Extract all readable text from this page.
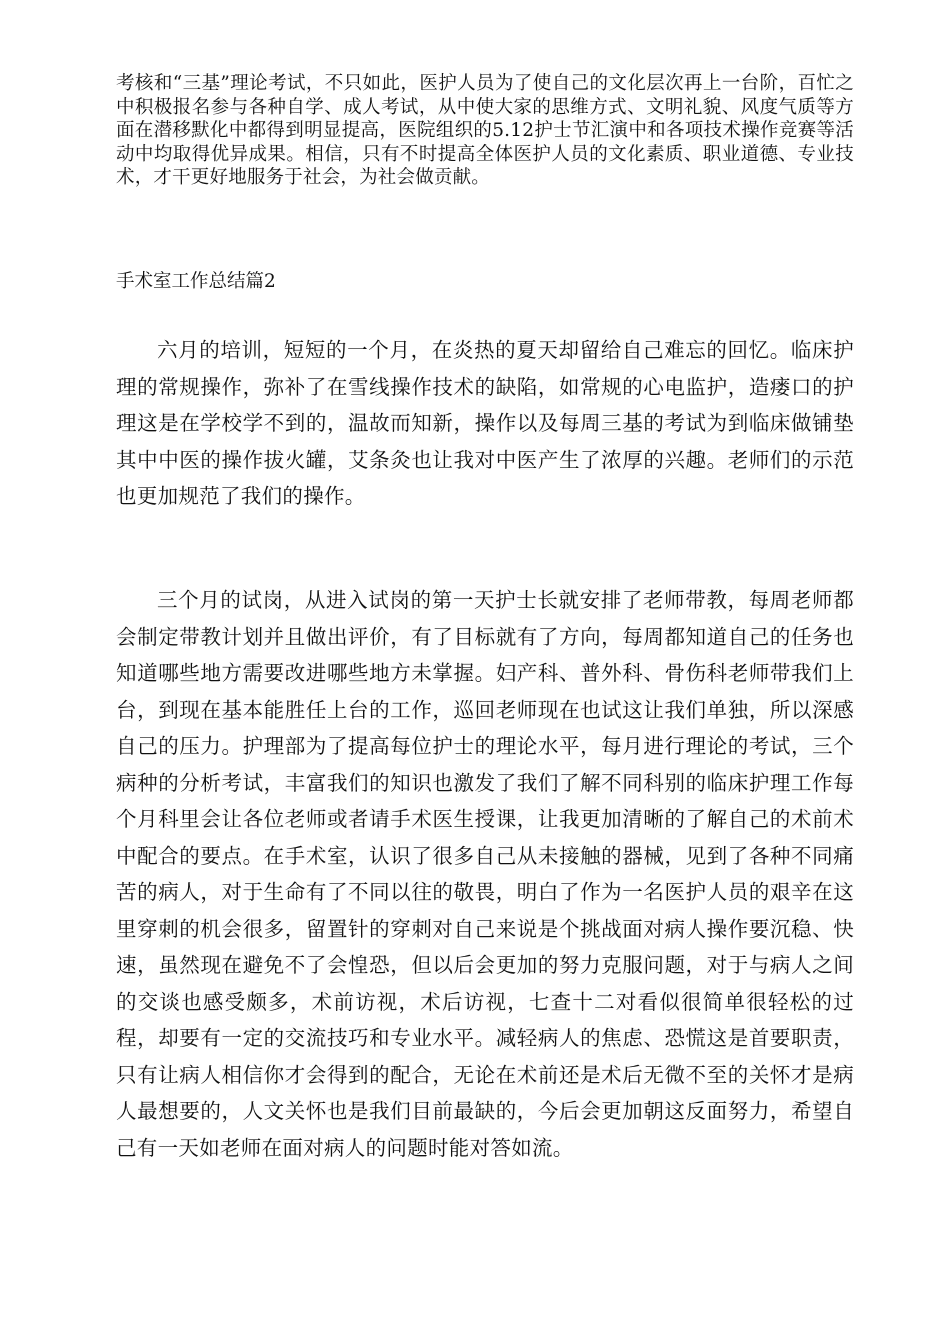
考核和“三基”理论考试，不只如此，医护人员为了使自己的文化层次再上一台阶，百忙之中积极报名参与各种自学、成人考试，从中使大家的思维方式、文明礼貌、风度气质等方面在潜移默化中都得到明显提高，医院组织的5.12护士节汇演中和各项技术操作竞赛等活动中均取得优异成果。相信，只有不时提高全体医护人员的文化素质、职业道德、专业技术，才干更好地服务于社会，为社会做贡献。

手术室工作总结篇2

六月的培训，短短的一个月，在炎热的夏天却留给自己难忘的回忆。临床护理的常规操作，弥补了在雪线操作技术的缺陷，如常规的心电监护，造瘘口的护理这是在学校学不到的，温故而知新，操作以及每周三基的考试为到临床做铺垫其中中医的操作拔火罐，艾条灸也让我对中医产生了浓厚的兴趣。老师们的示范也更加规范了我们的操作。

三个月的试岗，从进入试岗的第一天护士长就安排了老师带教，每周老师都会制定带教计划并且做出评价，有了目标就有了方向，每周都知道自己的任务也知道哪些地方需要改进哪些地方未掌握。妇产科、普外科、骨伤科老师带我们上台，到现在基本能胜任上台的工作，巡回老师现在也试这让我们单独，所以深感自己的压力。护理部为了提高每位护士的理论水平，每月进行理论的考试，三个病种的分析考试，丰富我们的知识也激发了我们了解不同科别的临床护理工作每个月科里会让各位老师或者请手术医生授课，让我更加清晰的了解自己的术前术中配合的要点。在手术室，认识了很多自己从未接触的器械，见到了各种不同痛苦的病人，对于生命有了不同以往的敬畏，明白了作为一名医护人员的艰辛在这里穿刺的机会很多，留置针的穿刺对自己来说是个挑战面对病人操作要沉稳、快速，虽然现在避免不了会惶恐，但以后会更加的努力克服问题，对于与病人之间的交谈也感受颇多，术前访视，术后访视，七查十二对看似很简单很轻松的过程，却要有一定的交流技巧和专业水平。减轻病人的焦虑、恐慌这是首要职责，只有让病人相信你才会得到的配合，无论在术前还是术后无微不至的关怀才是病人最想要的，人文关怀也是我们目前最缺的，今后会更加朝这反面努力，希望自己有一天如老师在面对病人的问题时能对答如流。
